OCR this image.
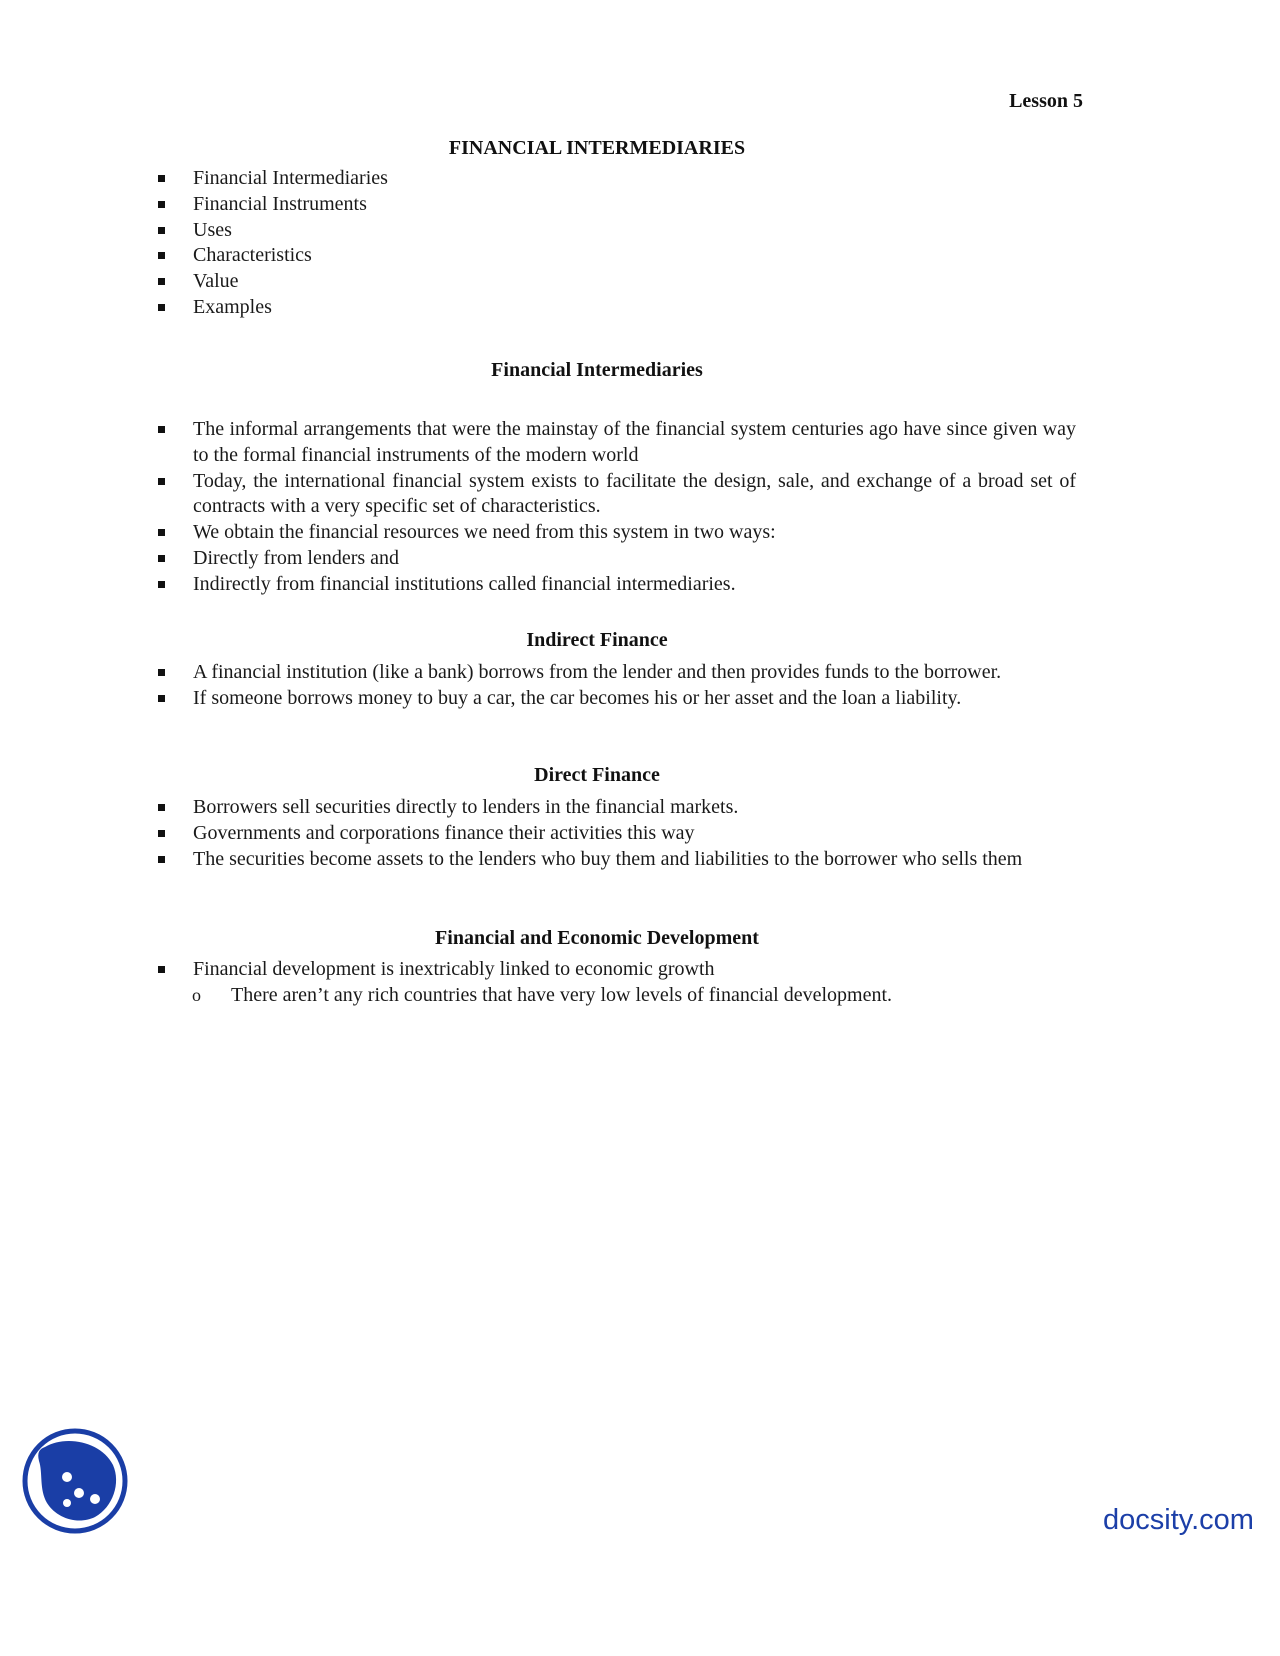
Lesson 5
FINANCIAL INTERMEDIARIES
Financial Intermediaries
Financial Instruments
Uses
Characteristics
Value
Examples
Financial Intermediaries
The informal arrangements that were the mainstay of the financial system centuries ago have since given way to the formal financial instruments of the modern world
Today, the international financial system exists to facilitate the design, sale, and exchange of a broad set of contracts with a very specific set of characteristics.
We obtain the financial resources we need from this system in two ways:
Directly from lenders and
Indirectly from financial institutions called financial intermediaries.
Indirect Finance
A financial institution (like a bank) borrows from the lender and then provides funds to the borrower.
If someone borrows money to buy a car, the car becomes his or her asset and the loan a liability.
Direct Finance
Borrowers sell securities directly to lenders in the financial markets.
Governments and corporations finance their activities this way
The securities become assets to the lenders who buy them and liabilities to the borrower who sells them
Financial and Economic Development
Financial development is inextricably linked to economic growth
o There aren’t any rich countries that have very low levels of financial development.
docsity.com
